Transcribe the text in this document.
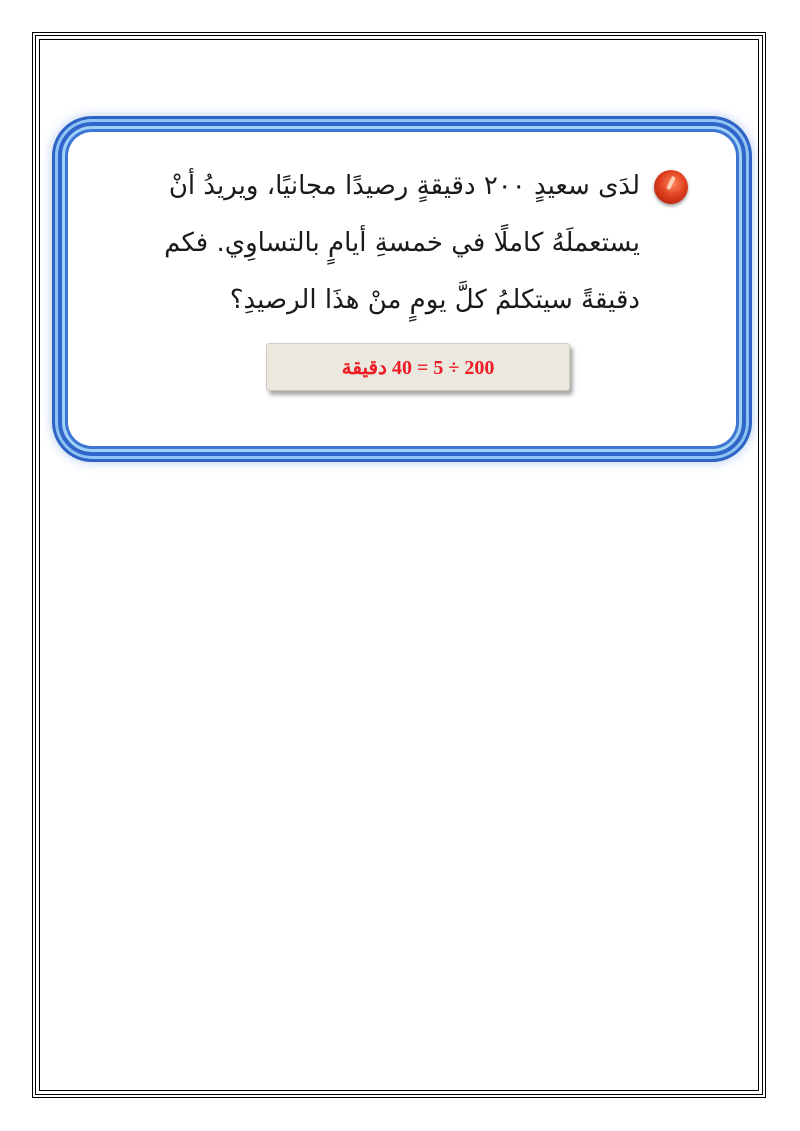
لدَى سعيدٍ ٢٠٠ دقيقةٍ رصيدًا مجانيًا، ويريدُ أنْ يستعملَهُ كاملًا في خمسةِ أيامٍ بالتساوِي. فكم دقيقةً سيتكلمُ كلَّ يومٍ منْ هذَا الرصيدِ؟
200 ÷ 5 = 40 دقيقة
